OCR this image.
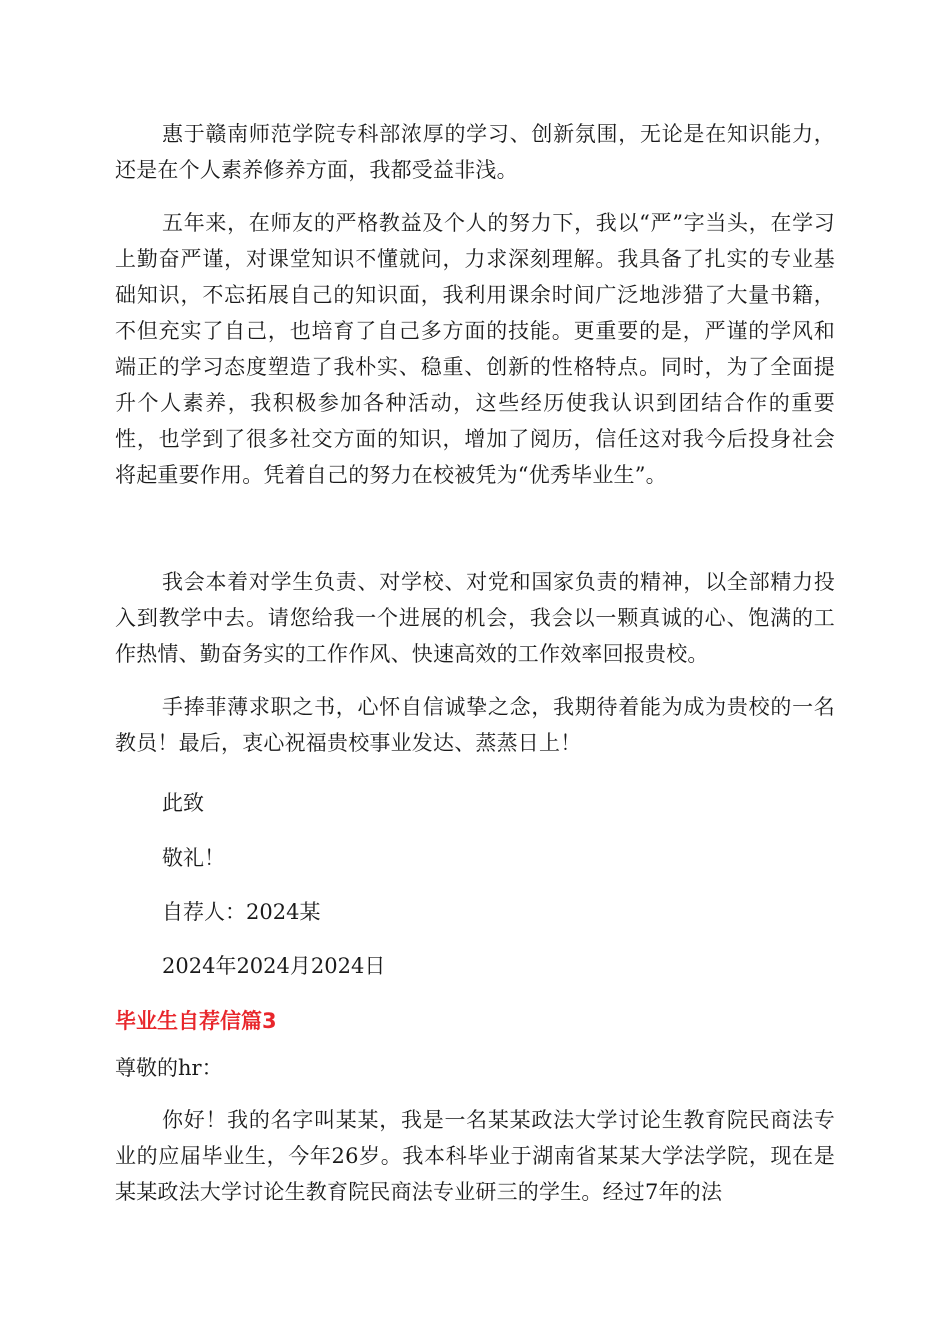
惠于赣南师范学院专科部浓厚的学习、创新氛围，无论是在知识能力，还是在个人素养修养方面，我都受益非浅。

五年来，在师友的严格教益及个人的努力下，我以“严”字当头，在学习上勤奋严谨，对课堂知识不懂就问，力求深刻理解。我具备了扎实的专业基础知识，不忘拓展自己的知识面，我利用课余时间广泛地涉猎了大量书籍，不但充实了自己，也培育了自己多方面的技能。更重要的是，严谨的学风和端正的学习态度塑造了我朴实、稳重、创新的性格特点。同时，为了全面提升个人素养，我积极参加各种活动，这些经历使我认识到团结合作的重要性，也学到了很多社交方面的知识，增加了阅历，信任这对我今后投身社会将起重要作用。凭着自己的努力在校被凭为“优秀毕业生”。

我会本着对学生负责、对学校、对党和国家负责的精神，以全部精力投入到教学中去。请您给我一个进展的机会，我会以一颗真诚的心、饱满的工作热情、勤奋务实的工作作风、快速高效的工作效率回报贵校。

手捧菲薄求职之书，心怀自信诚挚之念，我期待着能为成为贵校的一名教员！最后，衷心祝福贵校事业发达、蒸蒸日上！

此致

敬礼！

自荐人：2024某

2024年2024月2024日

毕业生自荐信篇3

尊敬的hr：

你好！我的名字叫某某，我是一名某某政法大学讨论生教育院民商法专业的应届毕业生，今年26岁。我本科毕业于湖南省某某大学法学院，现在是某某政法大学讨论生教育院民商法专业研三的学生。经过7年的法
